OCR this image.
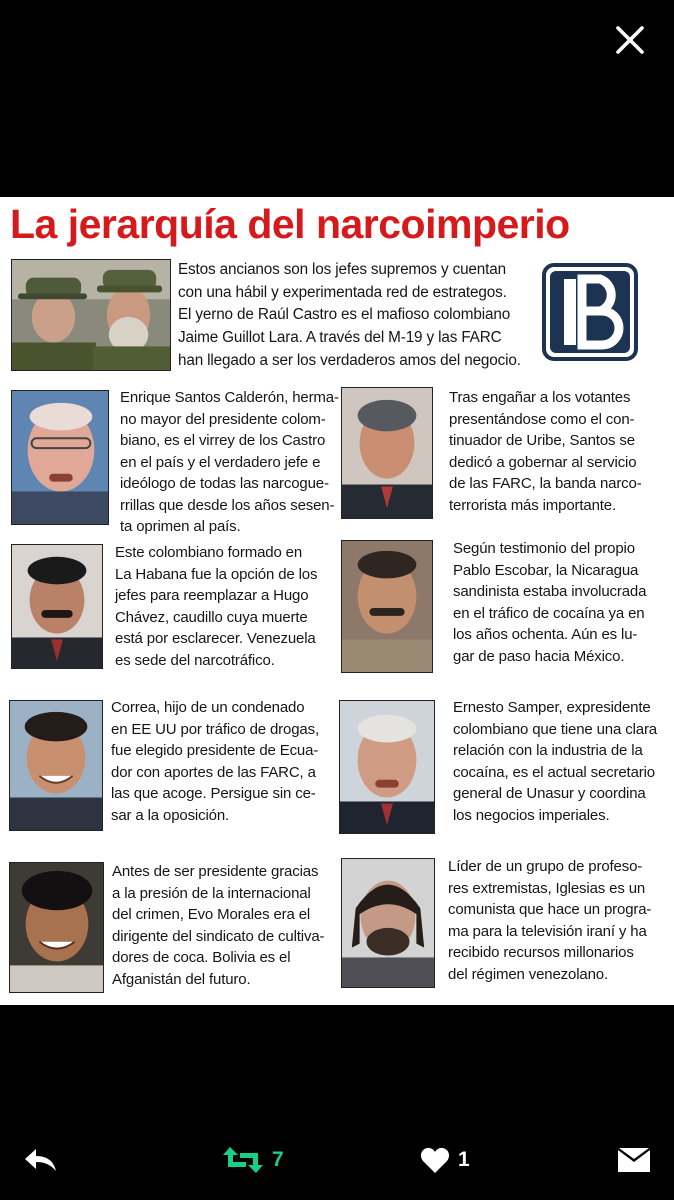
La jerarquía del narcoimperio

Estos ancianos son los jefes supremos y cuentan
con una hábil y experimentada red de estrategos.
El yerno de Raúl Castro es el mafioso colombiano
Jaime Guillot Lara. A través del M-19 y las FARC
han llegado a ser los verdaderos amos del negocio.

Enrique Santos Calderón, herma-
no mayor del presidente colom-
biano, es el virrey de los Castro
en el país y el verdadero jefe e
ideólogo de todas las narcogue-
rrillas que desde los años sesen-
ta oprimen al país.

Tras engañar a los votantes
presentándose como el con-
tinuador de Uribe, Santos se
dedicó a gobernar al servicio
de las FARC, la banda narco-
terrorista más importante.

Este colombiano formado en
La Habana fue la opción de los
jefes para reemplazar a Hugo
Chávez, caudillo cuya muerte
está por esclarecer. Venezuela
es sede del narcotráfico.

Según testimonio del propio
Pablo Escobar, la Nicaragua
sandinista estaba involucrada
en el tráfico de cocaína ya en
los años ochenta. Aún es lu-
gar de paso hacia México.

Correa, hijo de un condenado
en EE UU por tráfico de drogas,
fue elegido presidente de Ecua-
dor con aportes de las FARC, a
las que acoge. Persigue sin ce-
sar a la oposición.

Ernesto Samper, expresidente
colombiano que tiene una clara
relación con la industria de la
cocaína, es el actual secretario
general de Unasur y coordina
los negocios imperiales.

Antes de ser presidente gracias
a la presión de la internacional
del crimen, Evo Morales era el
dirigente del sindicato de cultiva-
dores de coca. Bolivia es el
Afganistán del futuro.

Líder de un grupo de profeso-
res extremistas, Iglesias es un
comunista que hace un progra-
ma para la televisión iraní y ha
recibido recursos millonarios
del régimen venezolano.

7	1
